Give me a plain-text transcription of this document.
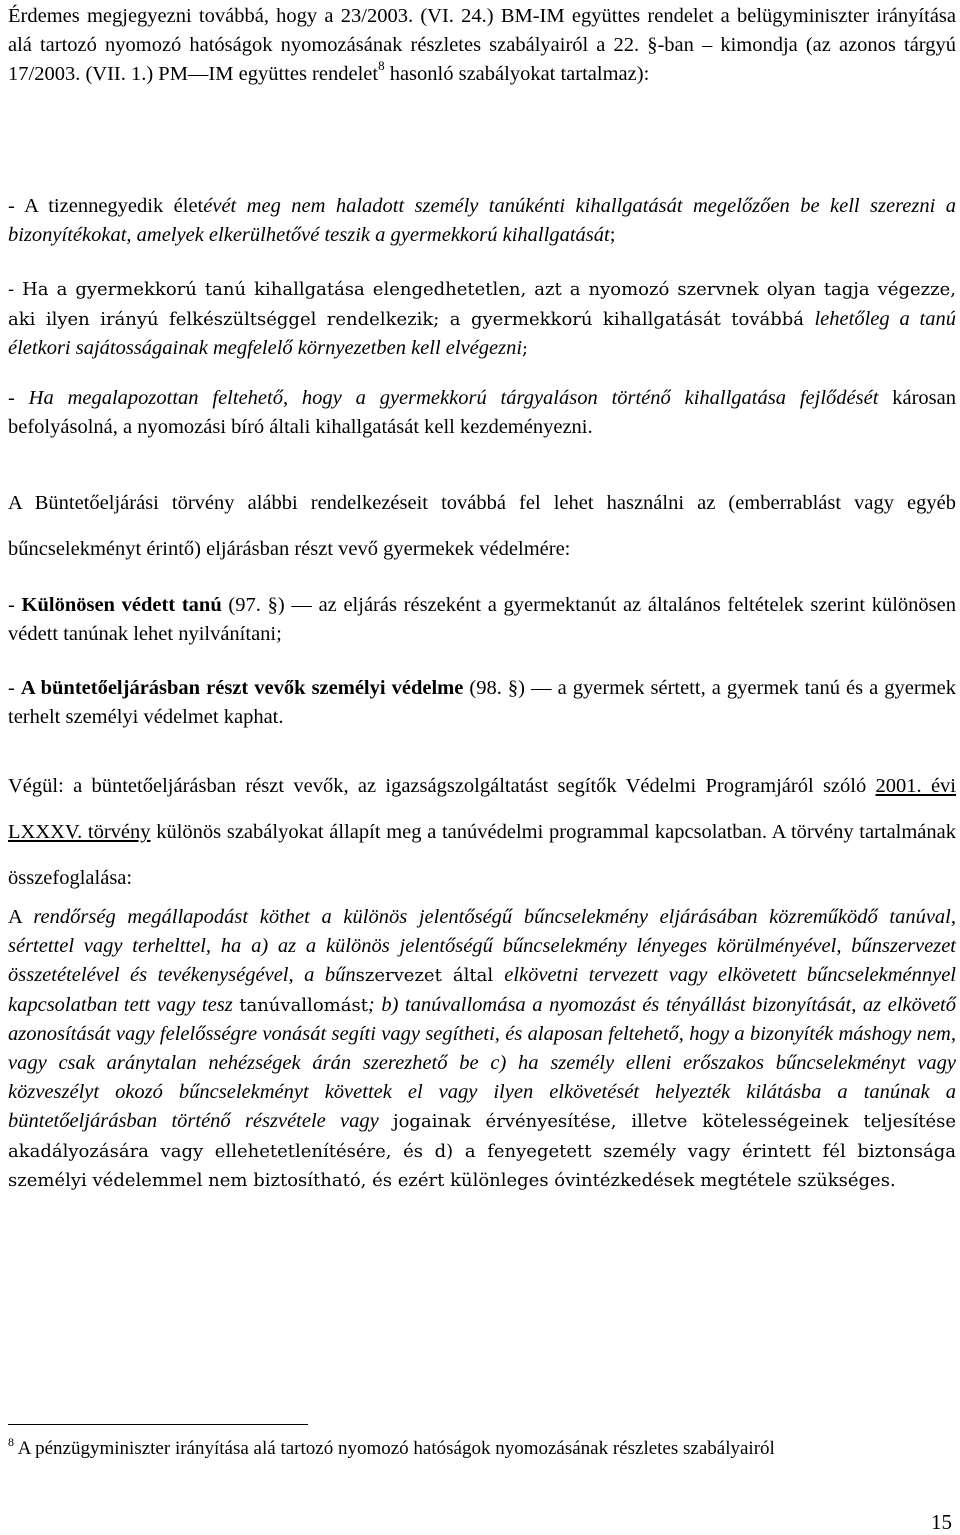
Érdemes megjegyezni továbbá, hogy a 23/2003. (VI. 24.) BM-IM együttes rendelet a belügyminiszter irányítása alá tartozó nyomozó hatóságok nyomozásának részletes szabályairól a 22. §-ban – kimondja (az azonos tárgyú 17/2003. (VII. 1.) PM—IM együttes rendelet$^8$ hasonló szabályokat tartalmaz):

- A tizennegyedik életévét meg nem haladott személy tanúkénti kihallgatását megelőzően be kell szerezni a bizonyítékokat, amelyek elkerülhetővé teszik a gyermekkorú kihallgatását;

- Ha a gyermekkorú tanú kihallgatása elengedhetetlen, azt a nyomozó szervnek olyan tagja végezze, aki ilyen irányú felkészültséggel rendelkezik; a gyermekkorú kihallgatását továbbá lehetőleg a tanú életkori sajátosságainak megfelelő környezetben kell elvégezni;

- Ha megalapozottan feltehető, hogy a gyermekkorú tárgyaláson történő kihallgatása fejlődését károsan befolyásolná, a nyomozási bíró általi kihallgatását kell kezdeményezni.

A Büntetőeljárási törvény alábbi rendelkezéseit továbbá fel lehet használni az (emberrablást vagy egyéb bűncselekményt érintő) eljárásban részt vevő gyermekek védelmére:

- Különösen védett tanú (97. §) — az eljárás részeként a gyermektanút az általános feltételek szerint különösen védett tanúnak lehet nyilvánítani;

- A büntetőeljárásban részt vevők személyi védelme (98. §) — a gyermek sértett, a gyermek tanú és a gyermek terhelt személyi védelmet kaphat.

Végül: a büntetőeljárásban részt vevők, az igazságszolgáltatást segítők Védelmi Programjáról szóló 2001. évi LXXXV. törvény különös szabályokat állapít meg a tanúvédelmi programmal kapcsolatban. A törvény tartalmának összefoglalása:

A rendőrség megállapodást köthet a különös jelentőségű bűncselekmény eljárásában közreműködő tanúval, sértettel vagy terhelttel, ha a) az a különös jelentőségű bűncselekmény lényeges körülményével, bűnszervezet összetételével és tevékenységével, a bűnszervezet által elkövetni tervezett vagy elkövetett bűncselekménnyel kapcsolatban tett vagy tesz tanúvallomást; b) tanúvallomása a nyomozást és tényállást bizonyítását, az elkövető azonosítását vagy felelősségre vonását segíti vagy segítheti, és alaposan feltehető, hogy a bizonyíték máshogy nem, vagy csak aránytalan nehézségek árán szerezhető be c) ha személy elleni erőszakos bűncselekményt vagy közveszélyt okozó bűncselekményt követtek el vagy ilyen elkövetését helyezték kilátásba a tanúnak a büntetőeljárásban történő részvétele vagy jogainak érvényesítése, illetve kötelességeinek teljesítése akadályozására vagy ellehetetlenítésére, és d) a fenyegetett személy vagy érintett fél biztonsága személyi védelemmel nem biztosítható, és ezért különleges óvintézkedések megtétele szükséges.

$^8$ A pénzügyminiszter irányítása alá tartozó nyomozó hatóságok nyomozásának részletes szabályairól
15
